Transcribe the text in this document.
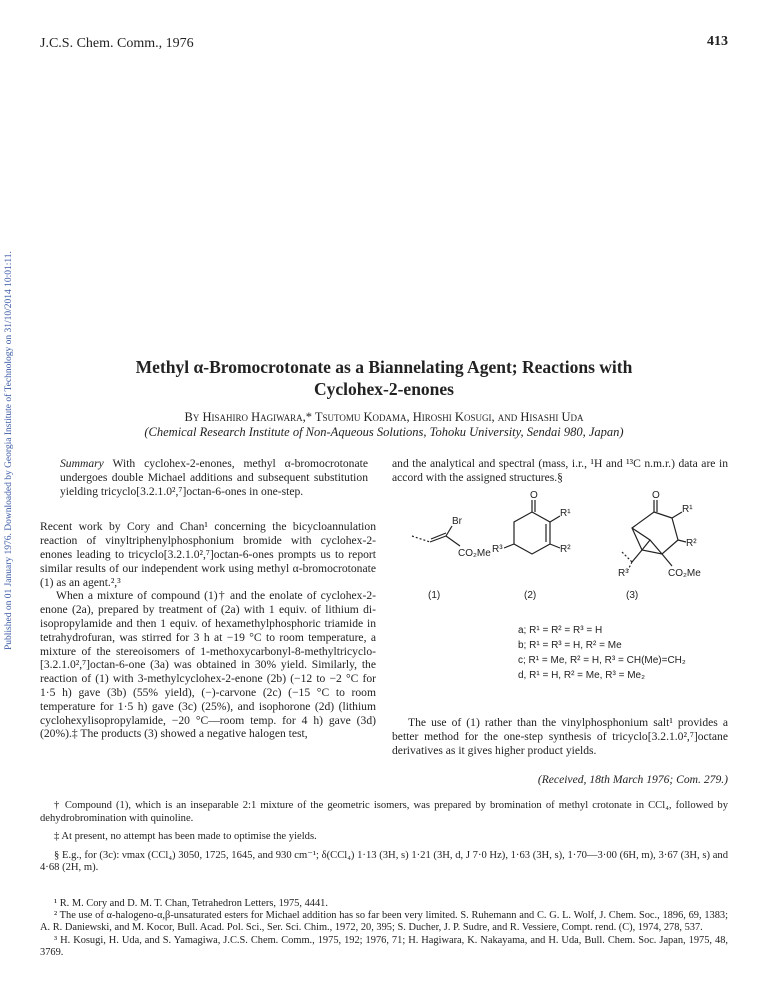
J.C.S. Chem. Comm., 1976	413
Published on 01 January 1976. Downloaded by Georgia Institute of Technology on 31/10/2014 10:01:11.	Methyl α-Bromocrotonate as a Biannelating Agent; Reactions with
Cyclohex-2-enones
By Hisahiro Hagiwara,* Tsutomu Kodama, Hiroshi Kosugi, and Hisashi Uda
(Chemical Research Institute of Non-Aqueous Solutions, Tohoku University, Sendai 980, Japan)

Summary With cyclohex-2-enones, methyl α-bromocrotonate undergoes double Michael additions and subsequent substitution yielding tricyclo[3.2.1.0²,⁷]octan-6-ones in one-step.

Recent work by Cory and Chan¹ concerning the bicycloannulation reaction of vinyltriphenylphosphonium bromide with cyclohex-2-enones leading to tricyclo[3.2.1.0²,⁷]octan-6-ones prompts us to report similar results of our independent work using methyl α-bromocrotonate (1) as an agent.²,³

When a mixture of compound (1)† and the enolate of cyclohex-2-enone (2a), prepared by treatment of (2a) with 1 equiv. of lithium di-isopropylamide and then 1 equiv. of hexamethylphosphoric triamide in tetrahydrofuran, was stirred for 3 h at −19 °C to room temperature, a mixture of the stereoisomers of 1-methoxycarbonyl-8-methyltricyclo-[3.2.1.0²,⁷]octan-6-one (3a) was obtained in 30% yield. Similarly, the reaction of (1) with 3-methylcyclohex-2-enone (2b) (−12 to −2 °C for 1·5 h) gave (3b) (55% yield), (−)-carvone (2c) (−15 °C to room temperature for 1·5 h) gave (3c) (25%), and isophorone (2d) (lithium cyclohexylisopropylamide, −20 °C—room temp. for 4 h) gave (3d) (20%).‡ The products (3) showed a negative halogen test,

and the analytical and spectral (mass, i.r., ¹H and ¹³C n.m.r.) data are in accord with the assigned structures.§

Br
CO₂Me
O
R¹
R²
R³
O
R¹
R²
R³	CO₂Me
(1)	(2)	(3)
a; R¹ = R² = R³ = H
b; R¹ = R³ = H, R² = Me
c; R¹ = Me, R² = H, R³ = CH(Me)=CH₂
d, R¹ = H, R² = Me, R³ = Me₂

The use of (1) rather than the vinylphosphonium salt¹ provides a better method for the one-step synthesis of tricyclo[3.2.1.0²,⁷]octane derivatives as it gives higher product yields.

(Received, 18th March 1976; Com. 279.)

† Compound (1), which is an inseparable 2:1 mixture of the geometric isomers, was prepared by bromination of methyl crotonate in CCl₄, followed by dehydrobromination with quinoline.

‡ At present, no attempt has been made to optimise the yields.

§ E.g., for (3c): νmax (CCl₄) 3050, 1725, 1645, and 930 cm⁻¹; δ(CCl₄) 1·13 (3H, s) 1·21 (3H, d, J 7·0 Hz), 1·63 (3H, s), 1·70—3·00 (6H, m), 3·67 (3H, s) and 4·68 (2H, m).

¹ R. M. Cory and D. M. T. Chan, Tetrahedron Letters, 1975, 4441.

² The use of α-halogeno-α,β-unsaturated esters for Michael addition has so far been very limited. S. Ruhemann and C. G. L. Wolf, J. Chem. Soc., 1896, 69, 1383; A. R. Daniewski, and M. Kocor, Bull. Acad. Pol. Sci., Ser. Sci. Chim., 1972, 20, 395; S. Ducher, J. P. Sudre, and R. Vessiere, Compt. rend. (C), 1974, 278, 537.

³ H. Kosugi, H. Uda, and S. Yamagiwa, J.C.S. Chem. Comm., 1975, 192; 1976, 71; H. Hagiwara, K. Nakayama, and H. Uda, Bull. Chem. Soc. Japan, 1975, 48, 3769.
